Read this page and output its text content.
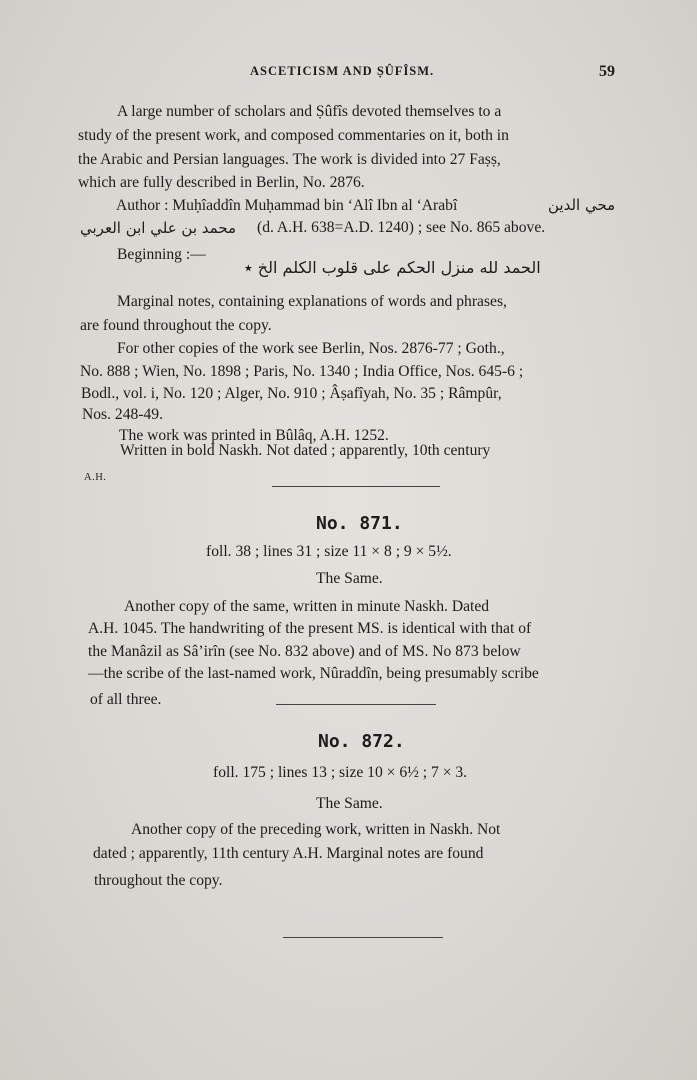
ASCETICISM AND ṢÛFÎSM.	59
A large number of scholars and Ṣûfîs devoted themselves to a
study of the present work, and composed commentaries on it, both in
the Arabic and Persian languages. The work is divided into 27 Faṣṣ,
which are fully described in Berlin, No. 2876.
Author : Muḥîaddîn Muḥammad bin ‘Alî Ibn al ‘Arabî	محي الدين
محمد بن علي ابن العربي (d. A.H. 638=A.D. 1240) ; see No. 865 above.
Beginning :—
الحمد لله منزل الحكم على قلوب الكلم الخ ٭
Marginal notes, containing explanations of words and phrases,
are found throughout the copy.
For other copies of the work see Berlin, Nos. 2876-77 ; Goth.,
No. 888 ; Wien, No. 1898 ; Paris, No. 1340 ; India Office, Nos. 645-6 ;
Bodl., vol. i, No. 120 ; Alger, No. 910 ; Âṣafîyah, No. 35 ; Râmpûr,
Nos. 248-49.
The work was printed in Bûlâq, A.H. 1252.
Written in bold Naskh. Not dated ; apparently, 10th century
A.H.
No. 871.
foll. 38 ; lines 31 ; size 11 × 8 ; 9 × 5½.
The Same.
Another copy of the same, written in minute Naskh. Dated
A.H. 1045. The handwriting of the present MS. is identical with that of
the Manâzil as Sâ’irîn (see No. 832 above) and of MS. No 873 below
—the scribe of the last-named work, Nûraddîn, being presumably scribe
of all three.
No. 872.
foll. 175 ; lines 13 ; size 10 × 6½ ; 7 × 3.
The Same.
Another copy of the preceding work, written in Naskh. Not
dated ; apparently, 11th century A.H. Marginal notes are found
throughout the copy.
